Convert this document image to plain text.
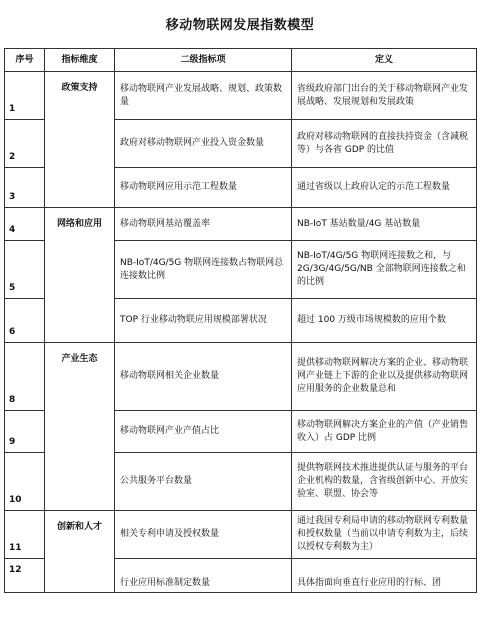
移动物联网发展指数模型
序号	指标维度	二级指标项	定义
1	政策支持	移动物联网产业发展战略、规划、政策数量	省级政府部门出台的关于移动物联网产业发展战略、发展规划和发展政策
2		政府对移动物联网产业投入资金数量	政府对移动物联网的直接扶持资金（含减税等）与各省 GDP 的比值
3		移动物联网应用示范工程数量	通过省级以上政府认定的示范工程数量
4	网络和应用	移动物联网基站覆盖率	NB-IoT 基站数量/4G 基站数量
5		NB-IoT/4G/5G 物联网连接数占物联网总连接数比例	NB-IoT/4G/5G 物联网连接数之和，与 2G/3G/4G/5G/NB 全部物联网连接数之和的比例
6		TOP 行业移动物联应用规模部署状况	超过 100 万级市场规模数的应用个数
8	产业生态	移动物联网相关企业数量	提供移动物联网解决方案的企业、移动物联网产业链上下游的企业以及提供移动物联网应用服务的企业数量总和
9		移动物联网产业产值占比	移动物联网解决方案企业的产值（产业销售收入）占 GDP 比例
10		公共服务平台数量	提供物联网技术推进提供认证与服务的平台企业机构的数量，含省级创新中心、开放实验室、联盟、协会等
11	创新和人才	相关专利申请及授权数量	通过我国专利局申请的移动物联网专利数量和授权数量（当前以申请专利数为主，后续以授权专利数为主）
12		行业应用标准制定数量	具体指面向垂直行业应用的行标、团
